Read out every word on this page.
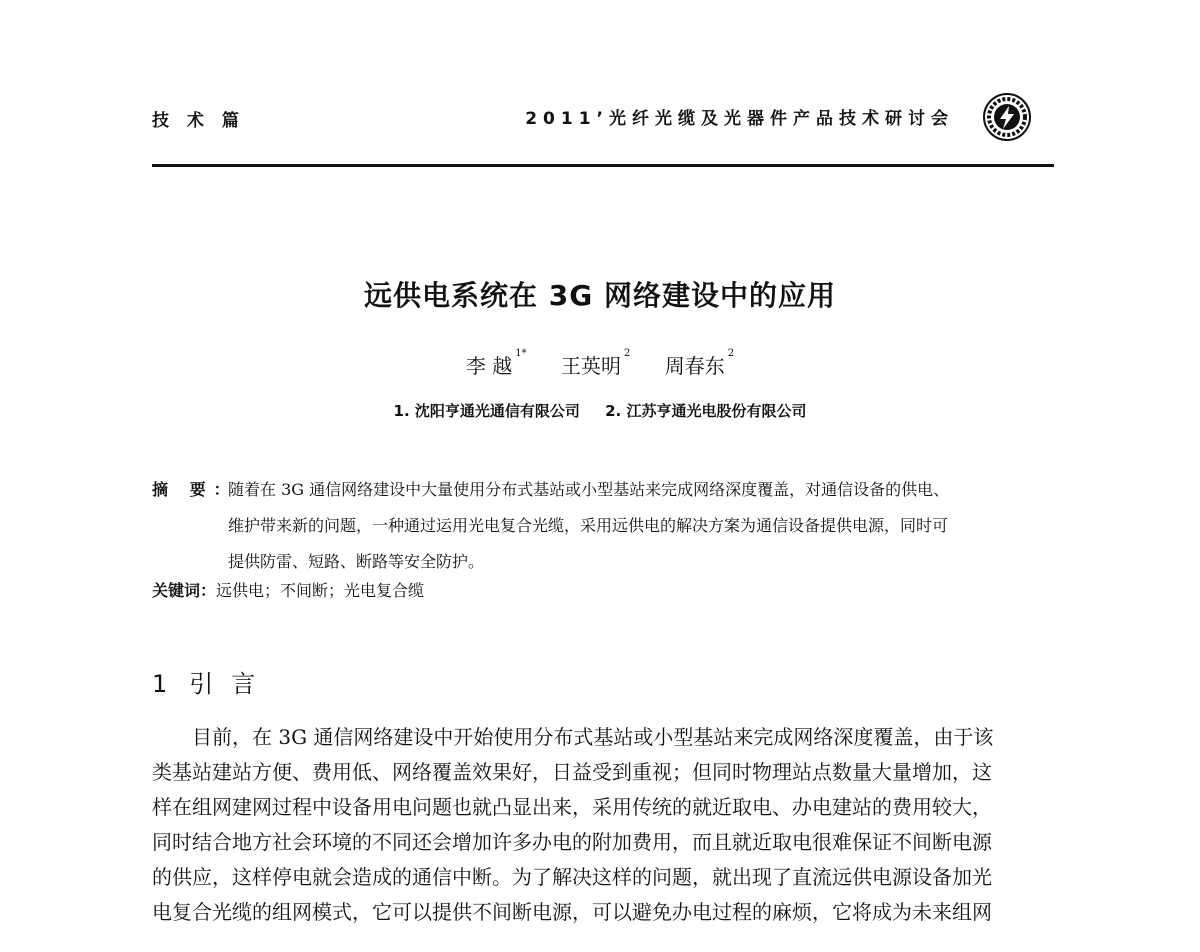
技 术 篇	2011’光纤光缆及光器件产品技术研讨会
远供电系统在 3G 网络建设中的应用
李 越$^{1*}$ 王英明$^2$ 周春东$^2$
1. 沈阳亨通光通信有限公司 2. 江苏亨通光电股份有限公司
摘 要：
随着在 3G 通信网络建设中大量使用分布式基站或小型基站来完成网络深度覆盖，对通信设备的供电、
维护带来新的问题，一种通过运用光电复合光缆，采用远供电的解决方案为通信设备提供电源，同时可
提供防雷、短路、断路等安全防护。
关键词：远供电；不间断；光电复合缆
1 引言
目前，在 3G 通信网络建设中开始使用分布式基站或小型基站来完成网络深度覆盖，由于该
类基站建站方便、费用低、网络覆盖效果好，日益受到重视；但同时物理站点数量大量增加，这
样在组网建网过程中设备用电问题也就凸显出来，采用传统的就近取电、办电建站的费用较大，
同时结合地方社会环境的不同还会增加许多办电的附加费用，而且就近取电很难保证不间断电源
的供应，这样停电就会造成的通信中断。为了解决这样的问题，就出现了直流远供电源设备加光
电复合光缆的组网模式，它可以提供不间断电源，可以避免办电过程的麻烦，它将成为未来组网
